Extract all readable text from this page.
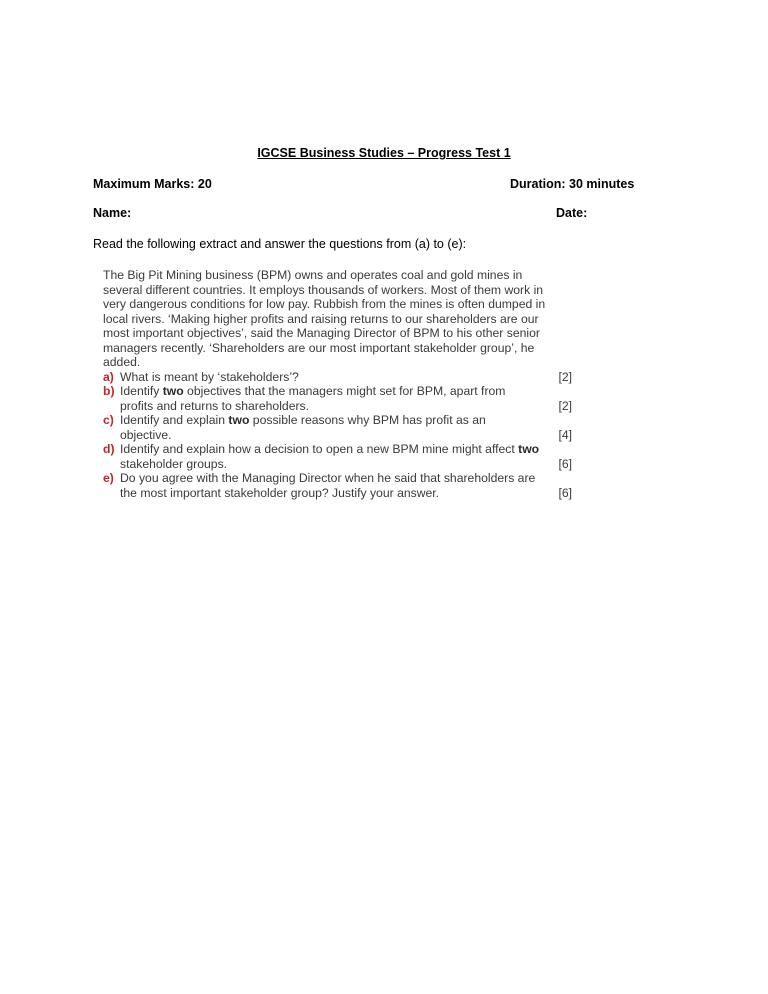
IGCSE Business Studies – Progress Test 1
Maximum Marks: 20	Duration: 30 minutes
Name:	Date:
Read the following extract and answer the questions from (a) to (e):
The Big Pit Mining business (BPM) owns and operates coal and gold mines in several different countries. It employs thousands of workers. Most of them work in very dangerous conditions for low pay. Rubbish from the mines is often dumped in local rivers. ‘Making higher profits and raising returns to our shareholders are our most important objectives’, said the Managing Director of BPM to his other senior managers recently. ‘Shareholders are our most important stakeholder group’, he added.
a) What is meant by ‘stakeholders’?	[2]
b) Identify two objectives that the managers might set for BPM, apart from profits and returns to shareholders.	[2]
c) Identify and explain two possible reasons why BPM has profit as an objective.	[4]
d) Identify and explain how a decision to open a new BPM mine might affect two stakeholder groups.	[6]
e) Do you agree with the Managing Director when he said that shareholders are the most important stakeholder group? Justify your answer.	[6]
